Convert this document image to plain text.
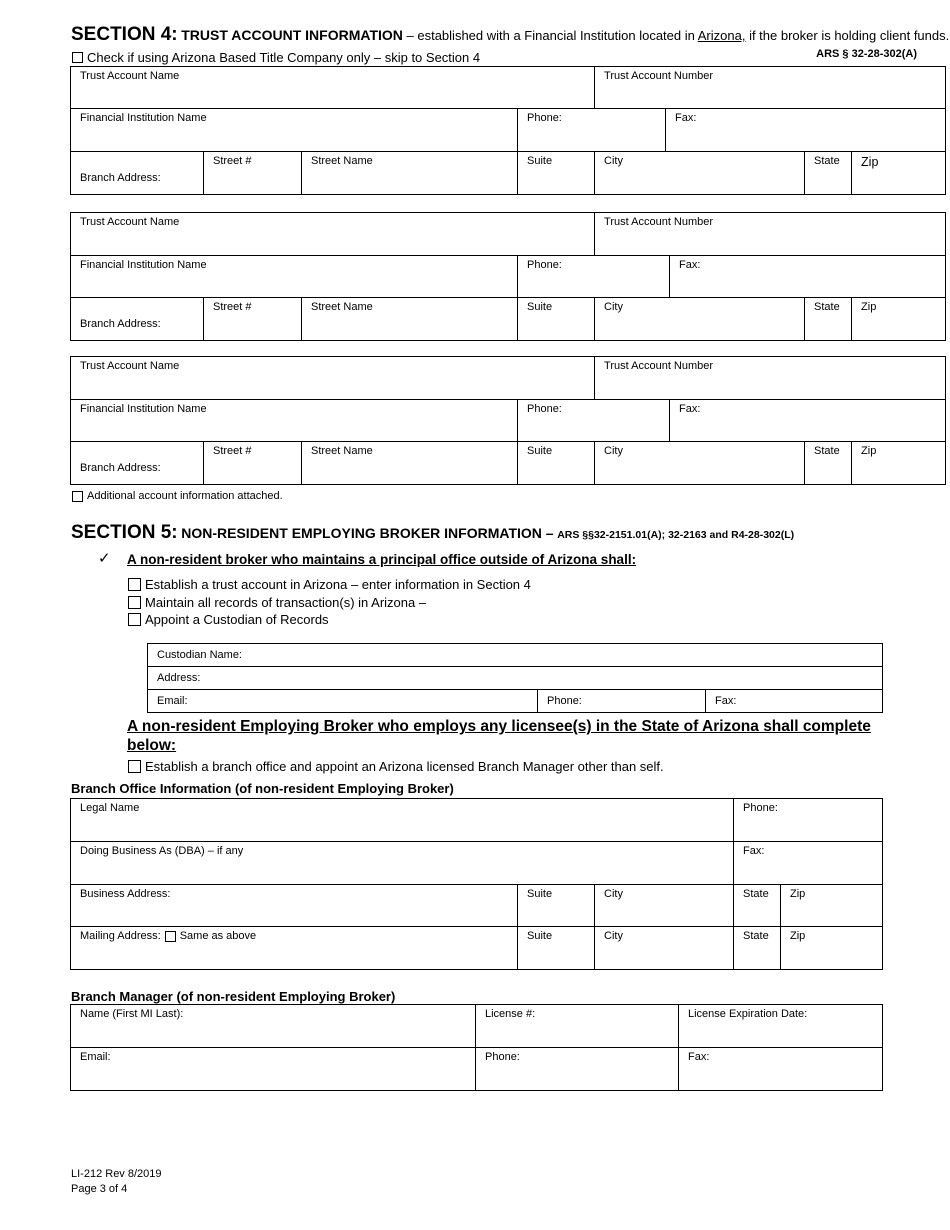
SECTION 4: TRUST ACCOUNT INFORMATION – established with a Financial Institution located in Arizona, if the broker is holding client funds.
ARS § 32-28-302(A)
Check if using Arizona Based Title Company only – skip to Section 4
Trust Account Name				Trust Account Number			
Financial Institution Name			Phone:		Fax:		
Branch Address:	Street #	Street Name	Suite	City		State	Zip
Trust Account Name				Trust Account Number			
Financial Institution Name			Phone:		Fax:		
Branch Address:	Street #	Street Name	Suite	City		State	Zip
Trust Account Name				Trust Account Number			
Financial Institution Name			Phone:		Fax:		
Branch Address:	Street #	Street Name	Suite	City		State	Zip
Additional account information attached.
SECTION 5: NON-RESIDENT EMPLOYING BROKER INFORMATION – ARS §§32-2151.01(A); 32-2163 and R4-28-302(L)
✓ A non-resident broker who maintains a principal office outside of Arizona shall:
Establish a trust account in Arizona – enter information in Section 4
Maintain all records of transaction(s) in Arizona –
Appoint a Custodian of Records
Custodian Name:
Address:
Email:	Phone:	Fax:
A non-resident Employing Broker who employs any licensee(s) in the State of Arizona shall complete below:
Establish a branch office and appoint an Arizona licensed Branch Manager other than self.
Branch Office Information (of non-resident Employing Broker)
Legal Name			Phone:	
Doing Business As (DBA) – if any			Fax:	
Business Address:	Suite	City	State	Zip

Mailing Address: Same as above	Suite	City	State	Zip
Branch Manager (of non-resident Employing Broker)
Name (First MI Last):	License #:	License Expiration Date:
Email:	Phone:	Fax:
LI-212 Rev 8/2019
Page 3 of 4
